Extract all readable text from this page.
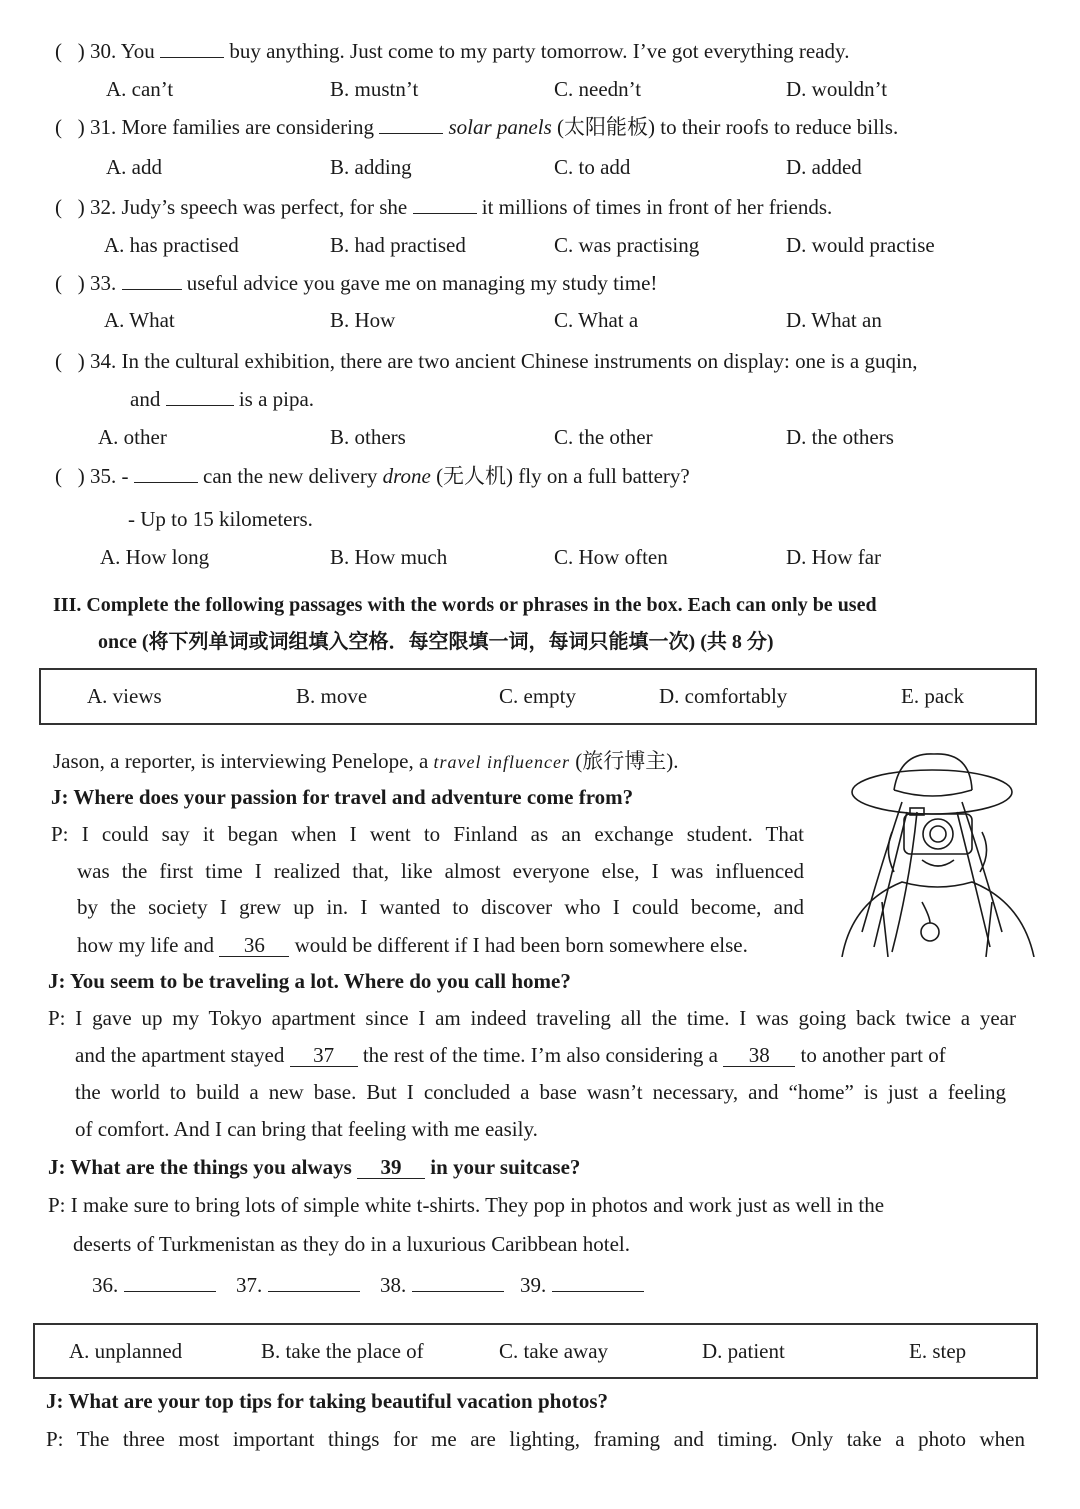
(   ) 30. You	buy anything. Just come to my party tomorrow. I’ve got everything ready.
A. can’t	B. mustn’t	C. needn’t	D. wouldn’t
(   ) 31. More families are considering	solar panels (太阳能板) to their roofs to reduce bills.
A. add	B. adding	C. to add	D. added
(   ) 32. Judy’s speech was perfect, for she	it millions of times in front of her friends.
A. has practised	B. had practised	C. was practising	D. would practise
(   ) 33.	useful advice you gave me on managing my study time!
A. What	B. How	C. What a	D. What an
(   ) 34. In the cultural exhibition, there are two ancient Chinese instruments on display: one is a guqin,
and	is a pipa.
A. other	B. others	C. the other	D. the others
(   ) 35. -	can the new delivery drone (无人机) fly on a full battery?
- Up to 15 kilometers.
A. How long	B. How much	C. How often	D. How far
III. Complete the following passages with the words or phrases in the box. Each can only be used
once (将下列单词或词组填入空格．每空限填一词，每词只能填一次) (共 8 分)
A. views	B. move	C. empty	D. comfortably	E. pack
Jason, a reporter, is interviewing Penelope, a travel influencer (旅行博主).
J: Where does your passion for travel and adventure come from?
P: I could say it began when I went to Finland as an exchange student. That
was the first time I realized that, like almost everyone else, I was influenced
by the society I grew up in. I wanted to discover who I could become, and
how my life and 36 would be different if I had been born somewhere else.
J: You seem to be traveling a lot. Where do you call home?
P: I gave up my Tokyo apartment since I am indeed traveling all the time. I was going back twice a year
and the apartment stayed 37 the rest of the time. I’m also considering a 38 to another part of
the world to build a new base. But I concluded a base wasn’t necessary, and “home” is just a feeling
of comfort. And I can bring that feeling with me easily.
J: What are the things you always 39 in your suitcase?
P: I make sure to bring lots of simple white t-shirts. They pop in photos and work just as well in the
deserts of Turkmenistan as they do in a luxurious Caribbean hotel.
36.	37.	38.	39.
A. unplanned	B. take the place of	C. take away	D. patient	E. step
J: What are your top tips for taking beautiful vacation photos?
P: The three most important things for me are lighting, framing and timing. Only take a photo when
